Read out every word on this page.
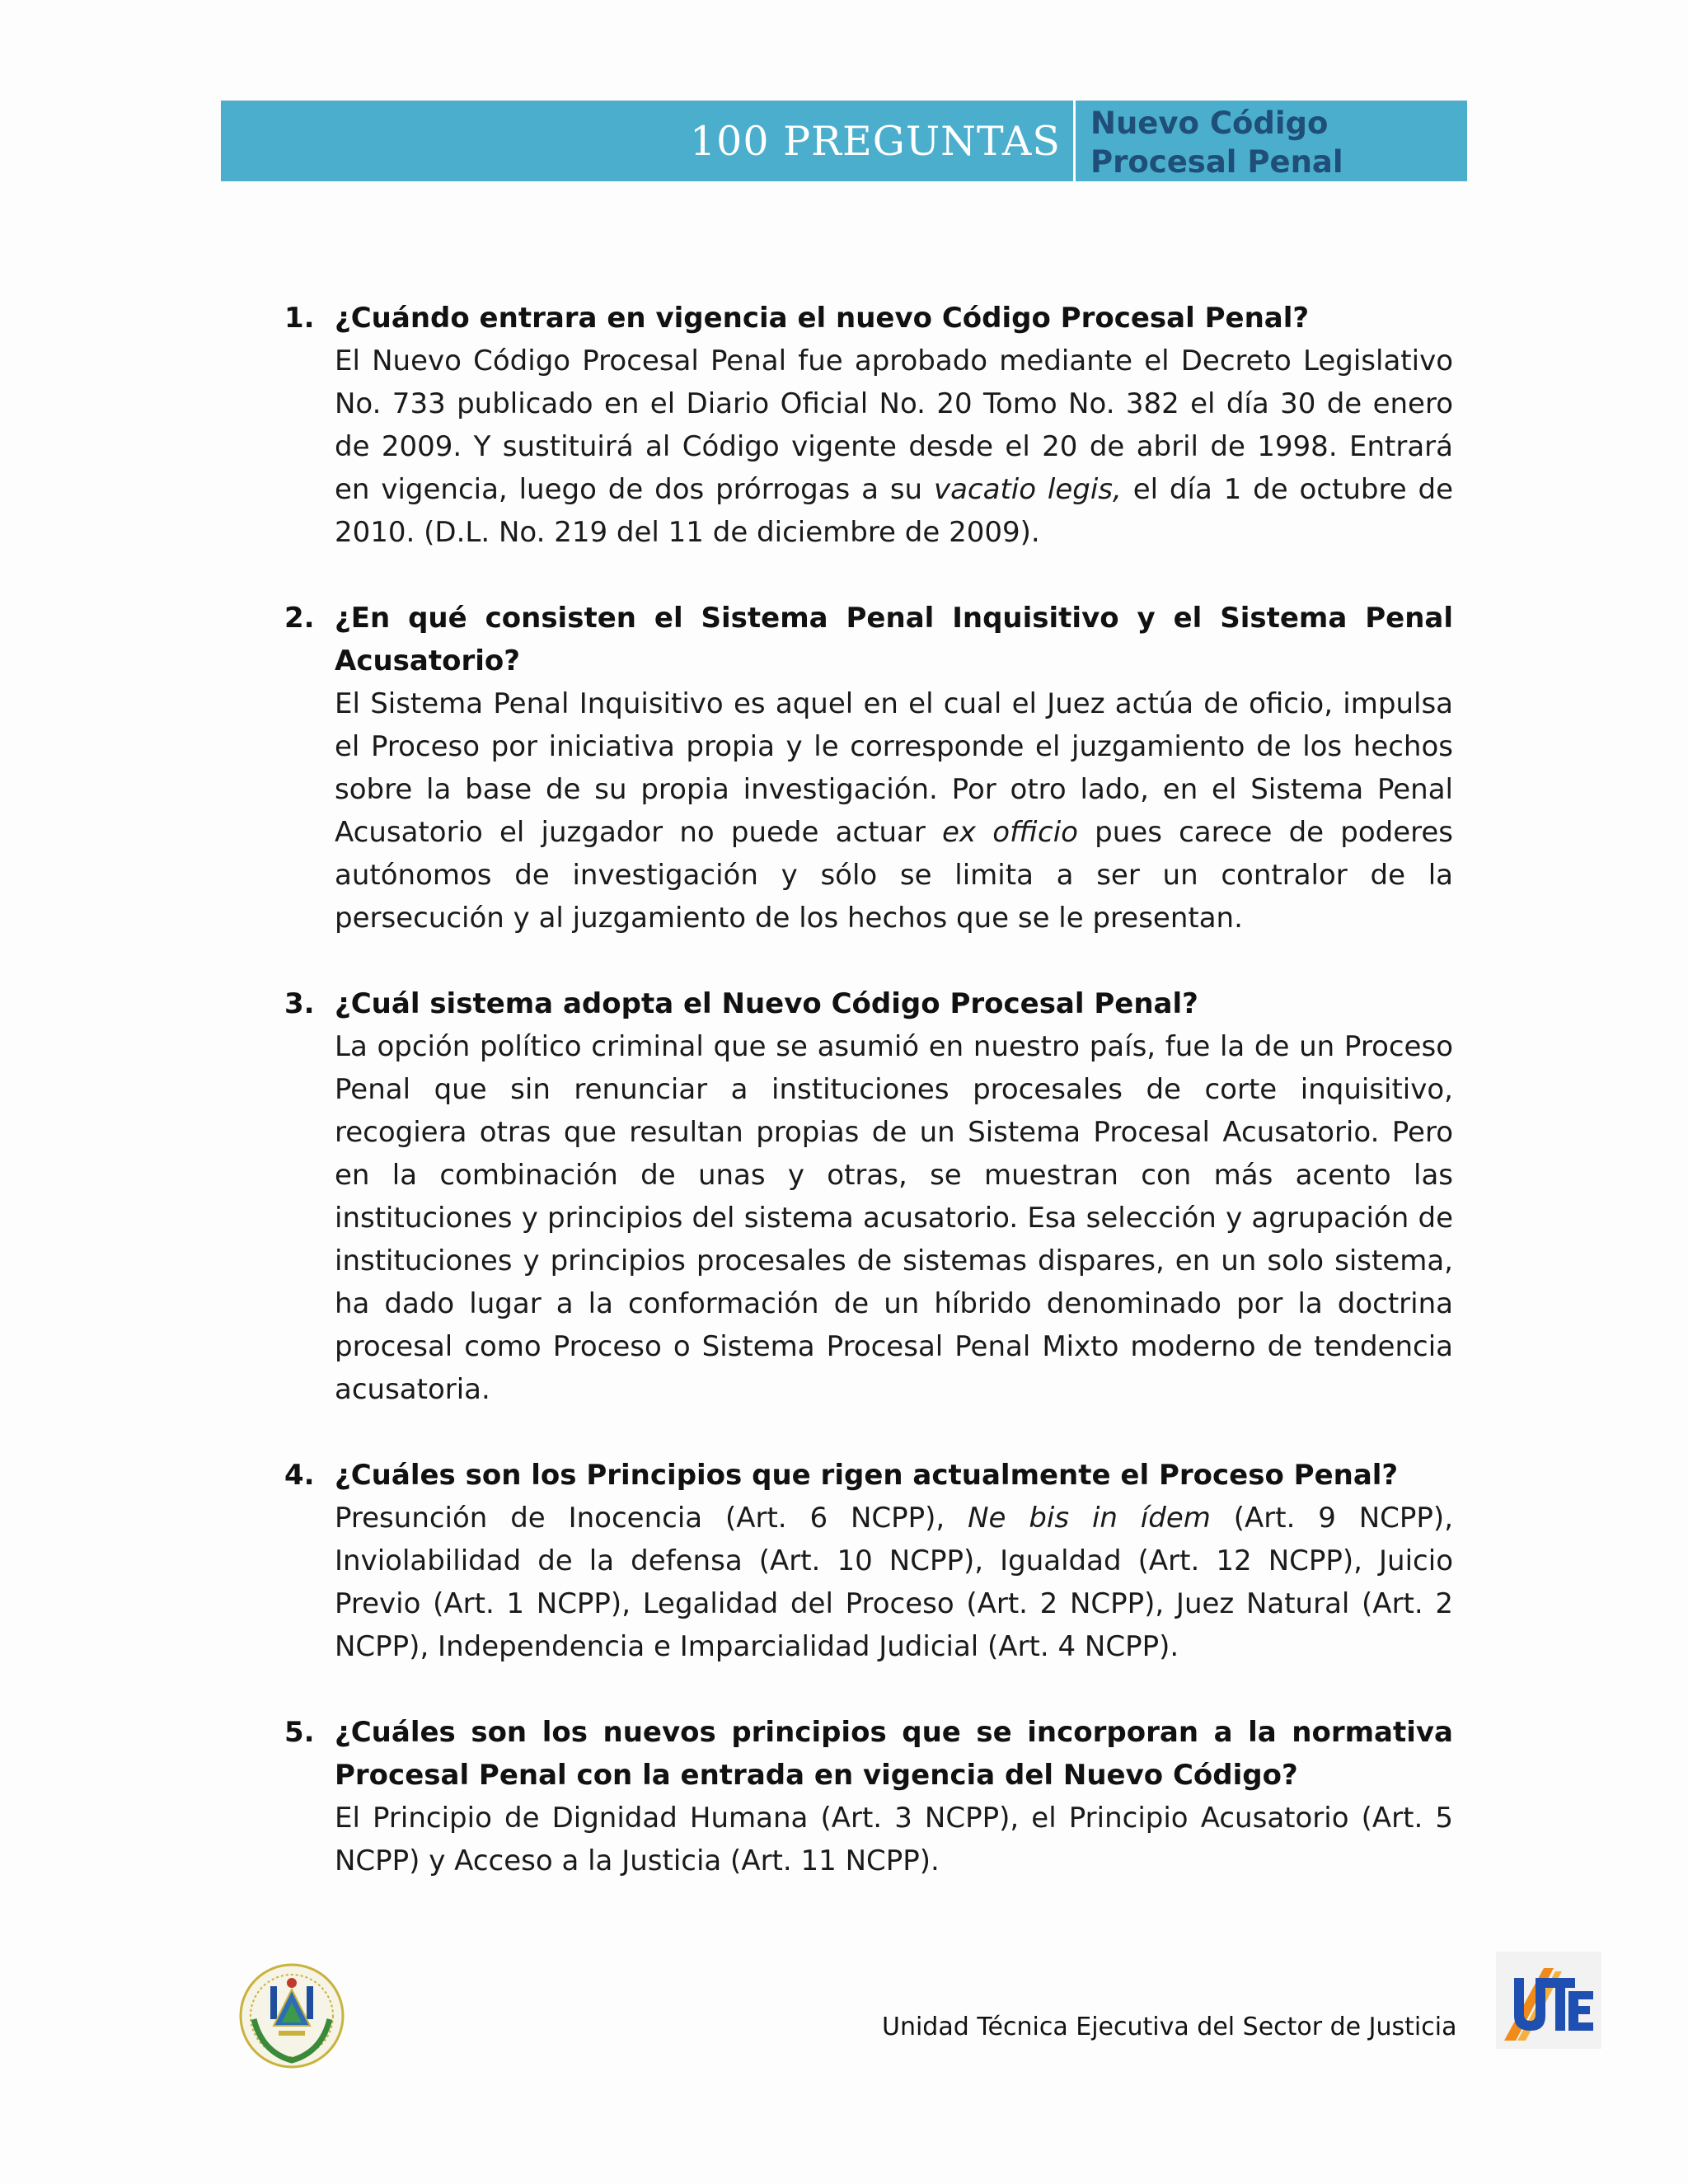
100 PREGUNTAS Nuevo Código
Procesal Penal
1. ¿Cuándo entrara en vigencia el nuevo Código Procesal Penal?

El Nuevo Código Procesal Penal fue aprobado mediante el Decreto Legislativo No. 733 publicado en el Diario Oficial No. 20 Tomo No. 382 el día 30 de enero de 2009. Y sustituirá al Código vigente desde el 20 de abril de 1998. Entrará en vigencia, luego de dos prórrogas a su vacatio legis, el día 1 de octubre de 2010. (D.L. No. 219 del 11 de diciembre de 2009).

2. ¿En qué consisten el Sistema Penal Inquisitivo y el Sistema Penal Acusatorio?

El Sistema Penal Inquisitivo es aquel en el cual el Juez actúa de oficio, impulsa el Proceso por iniciativa propia y le corresponde el juzgamiento de los hechos sobre la base de su propia investigación. Por otro lado, en el Sistema Penal Acusatorio el juzgador no puede actuar ex officio pues carece de poderes autónomos de investigación y sólo se limita a ser un contralor de la persecución y al juzgamiento de los hechos que se le presentan.

3. ¿Cuál sistema adopta el Nuevo Código Procesal Penal?

La opción político criminal que se asumió en nuestro país, fue la de un Proceso Penal que sin renunciar a instituciones procesales de corte inquisitivo, recogiera otras que resultan propias de un Sistema Procesal Acusatorio. Pero en la combinación de unas y otras, se muestran con más acento las instituciones y principios del sistema acusatorio. Esa selección y agrupación de instituciones y principios procesales de sistemas dispares, en un solo sistema, ha dado lugar a la conformación de un híbrido denominado por la doctrina procesal como Proceso o Sistema Procesal Penal Mixto moderno de tendencia acusatoria.

4. ¿Cuáles son los Principios que rigen actualmente el Proceso Penal?

Presunción de Inocencia (Art. 6 NCPP), Ne bis in ídem (Art. 9 NCPP), Inviolabilidad de la defensa (Art. 10 NCPP), Igualdad (Art. 12 NCPP), Juicio Previo (Art. 1 NCPP), Legalidad del Proceso (Art. 2 NCPP), Juez Natural (Art. 2 NCPP), Independencia e Imparcialidad Judicial (Art. 4 NCPP).

5. ¿Cuáles son los nuevos principios que se incorporan a la normativa Procesal Penal con la entrada en vigencia del Nuevo Código?

El Principio de Dignidad Humana (Art. 3 NCPP), el Principio Acusatorio (Art. 5 NCPP) y Acceso a la Justicia (Art. 11 NCPP).

Unidad Técnica Ejecutiva del Sector de Justicia
